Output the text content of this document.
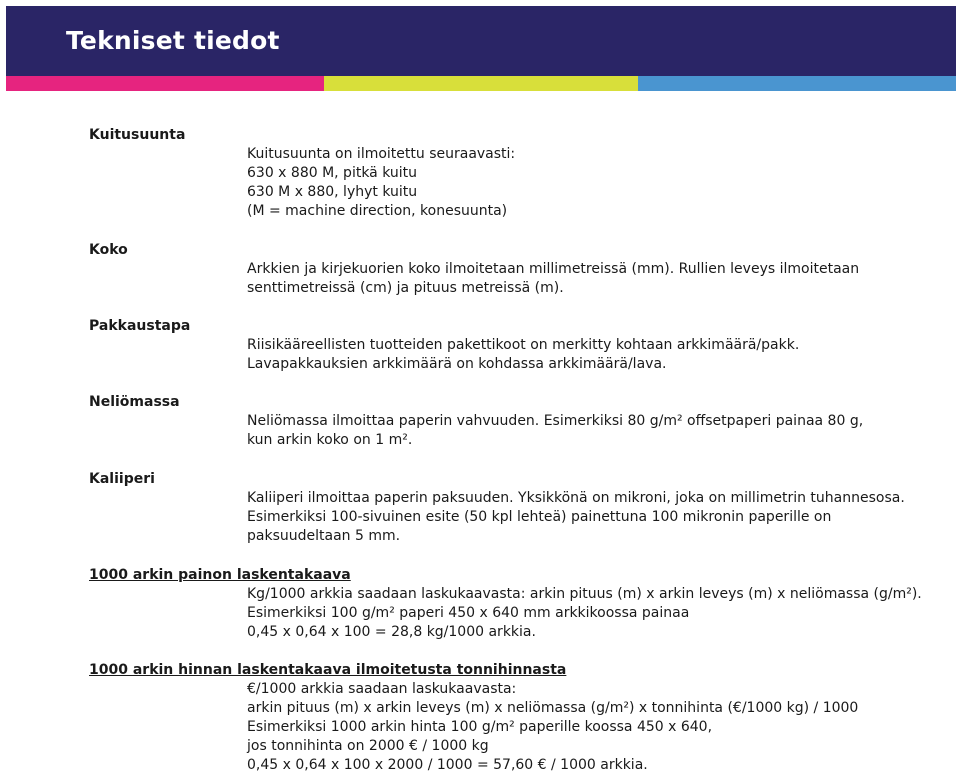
Tekniset tiedot
Kuitusuunta
Kuitusuunta on ilmoitettu seuraavasti:
630 x 880 M, pitkä kuitu
630 M x 880, lyhyt kuitu
(M = machine direction, konesuunta)
Koko
Arkkien ja kirjekuorien koko ilmoitetaan millimetreissä (mm). Rullien leveys ilmoitetaan
senttimetreissä (cm) ja pituus metreissä (m).
Pakkaustapa
Riisikääreellisten tuotteiden pakettikoot on merkitty kohtaan arkkimäärä/pakk.
Lavapakkauksien arkkimäärä on kohdassa arkkimäärä/lava.
Neliömassa
Neliömassa ilmoittaa paperin vahvuuden. Esimerkiksi 80 g/m² offsetpaperi painaa 80 g,
kun arkin koko on 1 m².
Kaliiperi
Kaliiperi ilmoittaa paperin paksuuden. Yksikkönä on mikroni, joka on millimetrin tuhannesosa.
Esimerkiksi 100-sivuinen esite (50 kpl lehteä) painettuna 100 mikronin paperille on
paksuudeltaan 5 mm.
1000 arkin painon laskentakaava
Kg/1000 arkkia saadaan laskukaavasta: arkin pituus (m) x arkin leveys (m) x neliömassa (g/m²).
Esimerkiksi 100 g/m² paperi 450 x 640 mm arkkikoossa painaa
0,45 x 0,64 x 100 = 28,8 kg/1000 arkkia.
1000 arkin hinnan laskentakaava ilmoitetusta tonnihinnasta
€/1000 arkkia saadaan laskukaavasta:
arkin pituus (m) x arkin leveys (m) x neliömassa (g/m²) x tonnihinta (€/1000 kg) / 1000
Esimerkiksi 1000 arkin hinta 100 g/m² paperille koossa 450 x 640,
jos tonnihinta on 2000 € / 1000 kg
0,45 x 0,64 x 100 x 2000 / 1000 = 57,60 € / 1000 arkkia.
